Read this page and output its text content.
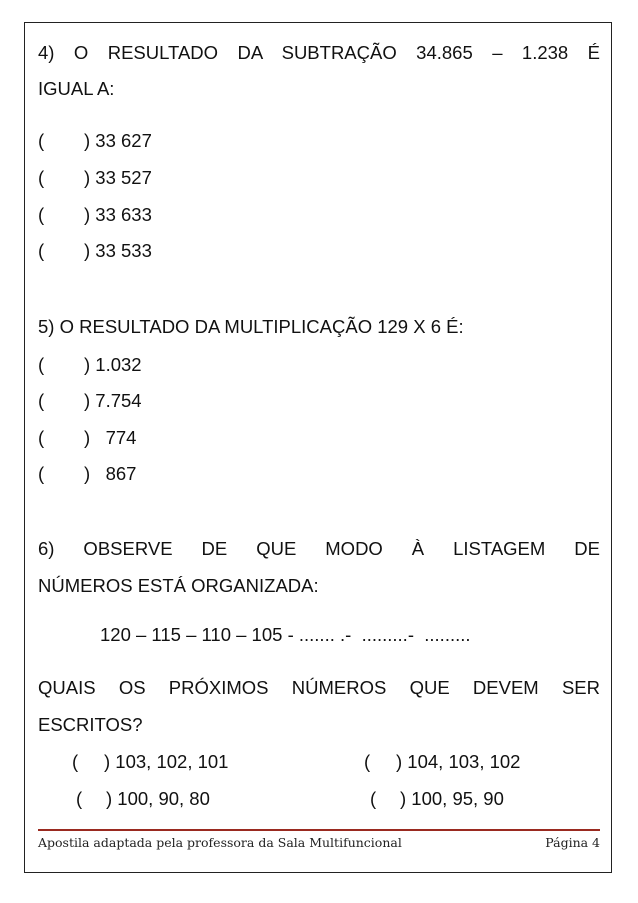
4) O RESULTADO DA SUBTRAÇÃO 34.865 – 1.238 É
IGUAL A:
( ) 33 627
( ) 33 527
( ) 33 633
( ) 33 533
5) O RESULTADO DA MULTIPLICAÇÃO 129 X 6 É:
( ) 1.032
( ) 7.754
( )   774
( )   867
6) OBSERVE DE QUE MODO À LISTAGEM DE
NÚMEROS ESTÁ ORGANIZADA:
120 – 115 – 110 – 105 - ....... .-  .........-  .........
QUAIS OS PRÓXIMOS NÚMEROS QUE DEVEM SER
ESCRITOS?
( ) 103, 102, 101	( ) 104, 103, 102
( ) 100, 90, 80	( ) 100, 95, 90
Apostila adaptada pela professora da Sala Multifuncional	Página 4
